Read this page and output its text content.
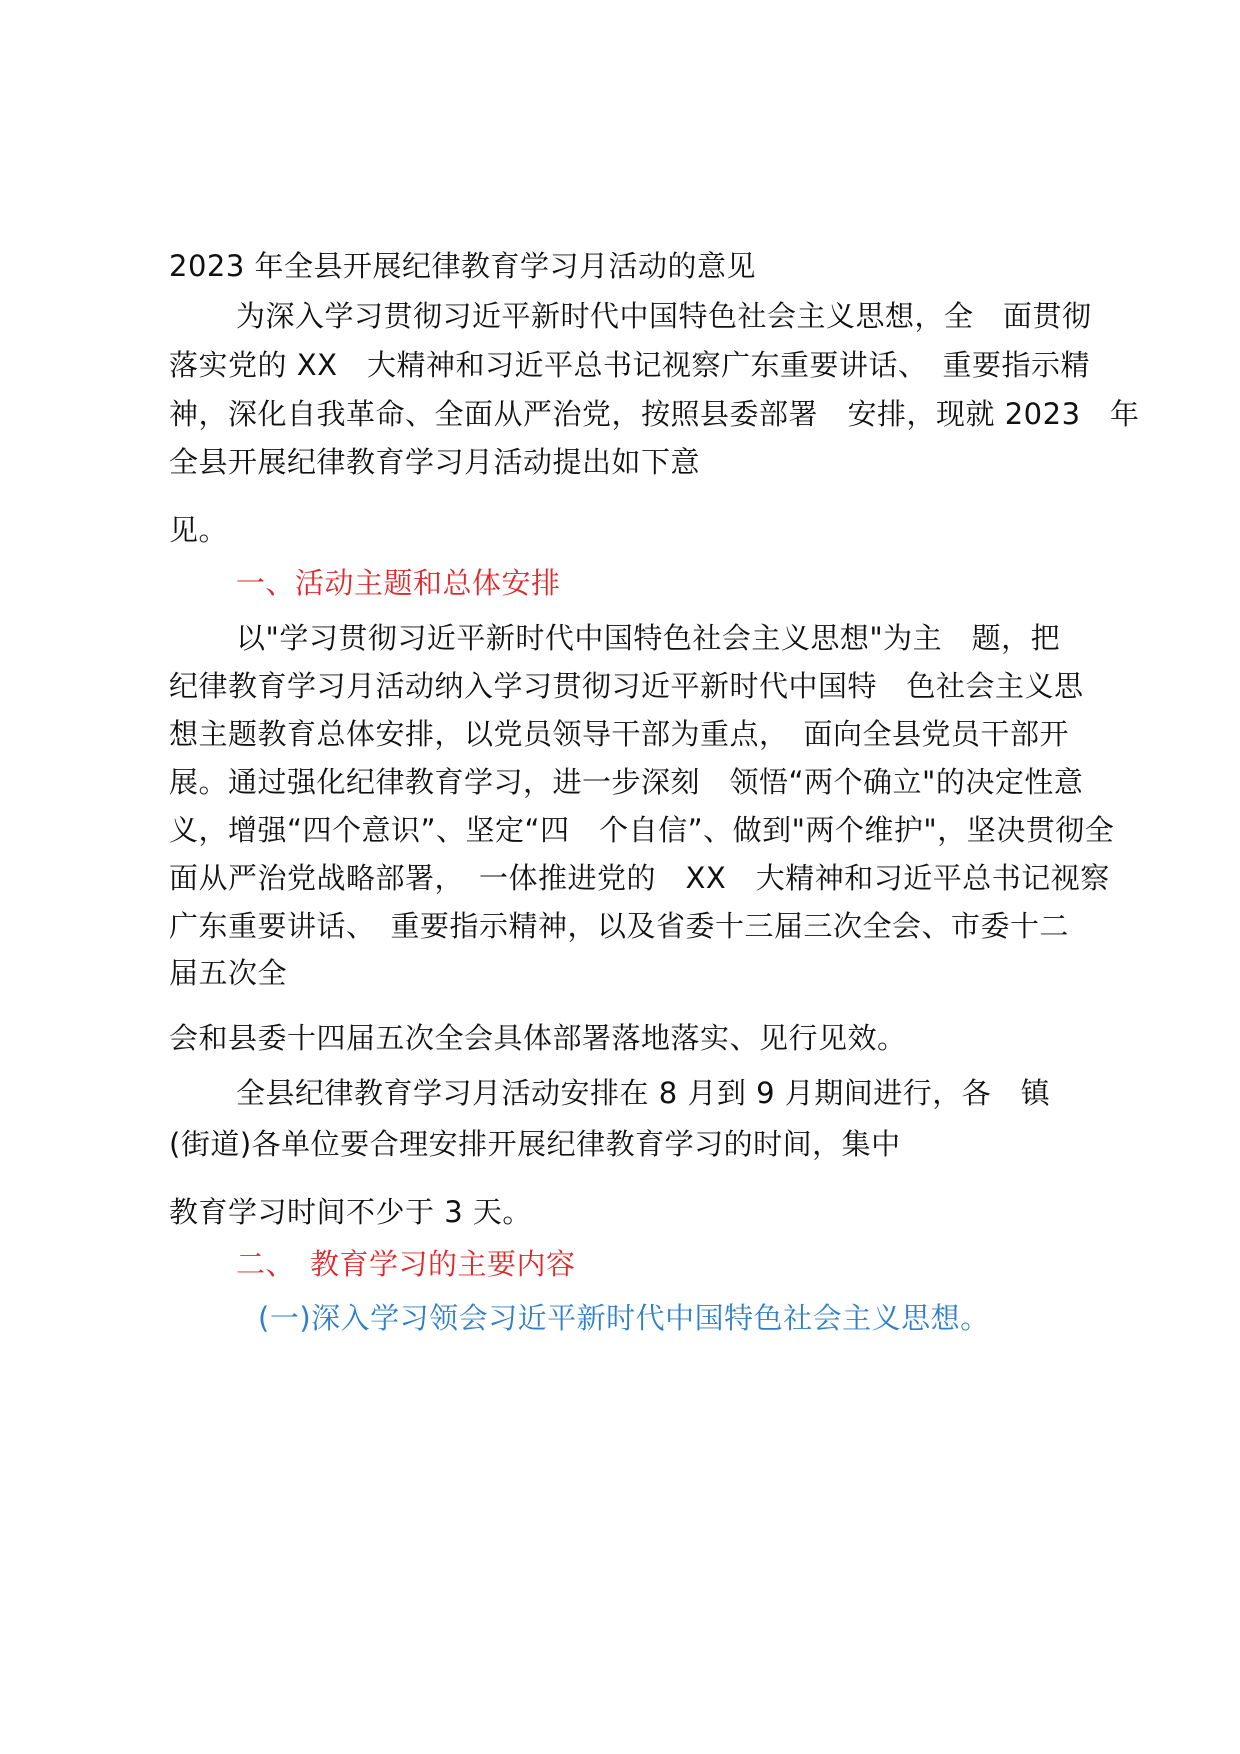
2023 年全县开展纪律教育学习月活动的意见
为深入学习贯彻习近平新时代中国特色社会主义思想，全　面贯彻
落实党的 XX　大精神和习近平总书记视察广东重要讲话、　重要指示精
神，深化自我革命、全面从严治党，按照县委部署　安排，现就 2023　年
全县开展纪律教育学习月活动提出如下意
见。
一、活动主题和总体安排
以"学习贯彻习近平新时代中国特色社会主义思想"为主　题，把
纪律教育学习月活动纳入学习贯彻习近平新时代中国特　色社会主义思
想主题教育总体安排，以党员领导干部为重点，　面向全县党员干部开
展。通过强化纪律教育学习，进一步深刻　领悟“两个确立"的决定性意
义，增强“四个意识”、坚定“四　个自信”、做到"两个维护"，坚决贯彻全
面从严治党战略部署，　一体推进党的　XX　大精神和习近平总书记视察
广东重要讲话、　重要指示精神，以及省委十三届三次全会、市委十二
届五次全
会和县委十四届五次全会具体部署落地落实、见行见效。
全县纪律教育学习月活动安排在 8 月到 9 月期间进行，各　镇
(街道)各单位要合理安排开展纪律教育学习的时间，集中
教育学习时间不少于 3 天。
二、　教育学习的主要内容
(一)深入学习领会习近平新时代中国特色社会主义思想。
